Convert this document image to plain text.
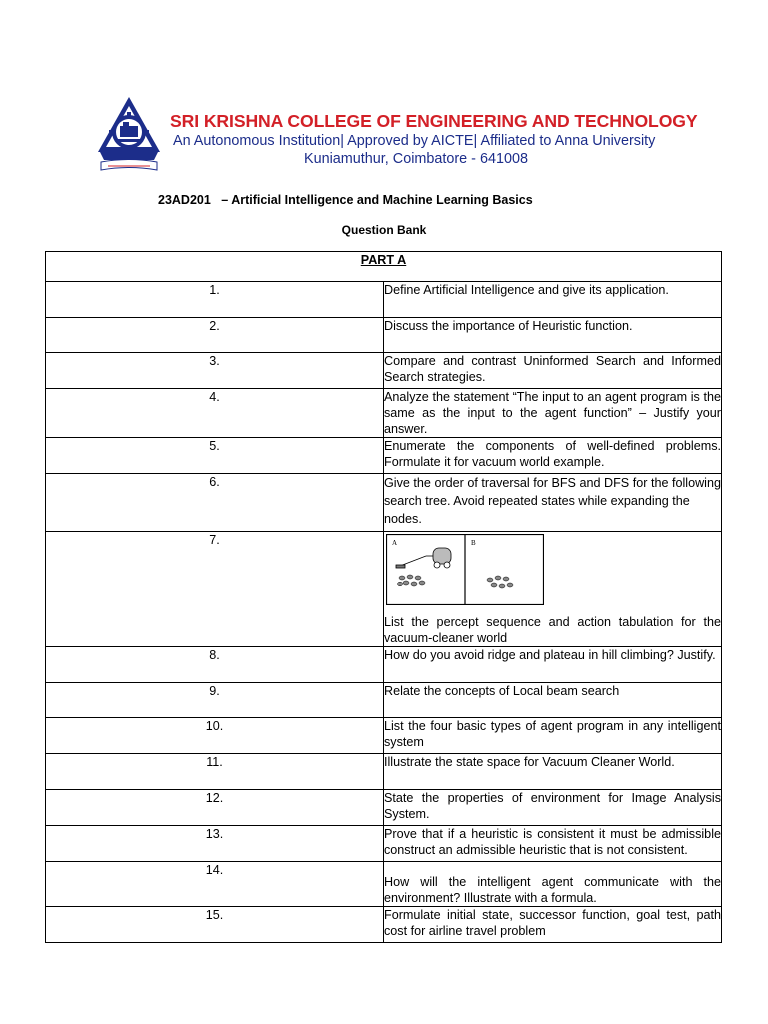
SRI KRISHNA COLLEGE OF ENGINEERING AND TECHNOLOGY
An Autonomous Institution| Approved by AICTE| Affiliated to Anna University
Kuniamuthur, Coimbatore - 641008
23AD201   – Artificial Intelligence and Machine Learning Basics
Question Bank
PART A	
1.	Define Artificial Intelligence and give its application.
2.	Discuss the importance of Heuristic function.
3.	Compare and contrast Uninformed Search and Informed Search strategies.
4.	Analyze the statement “The input to an agent program is the same as the input to the agent function” – Justify your answer.
5.	Enumerate the components of well-defined problems. Formulate it for vacuum world example.
6.	Give the order of traversal for BFS and DFS for the following search tree. Avoid repeated states while expanding the
nodes.

7.	A B
List the percept sequence and action tabulation for the vacuum-cleaner world

8.	How do you avoid ridge and plateau in hill climbing? Justify.
9.	Relate the concepts of Local beam search
10.	List the four basic types of agent program in any intelligent system
11.	Illustrate the state space for Vacuum Cleaner World.
12.	State the properties of environment for Image Analysis System.
13.	Prove that if a heuristic is consistent it must be admissible construct an admissible heuristic that is not consistent.
14.	How will the intelligent agent communicate with the environment? Illustrate with a formula.
15.	Formulate initial state, successor function, goal test, path cost for airline travel problem
